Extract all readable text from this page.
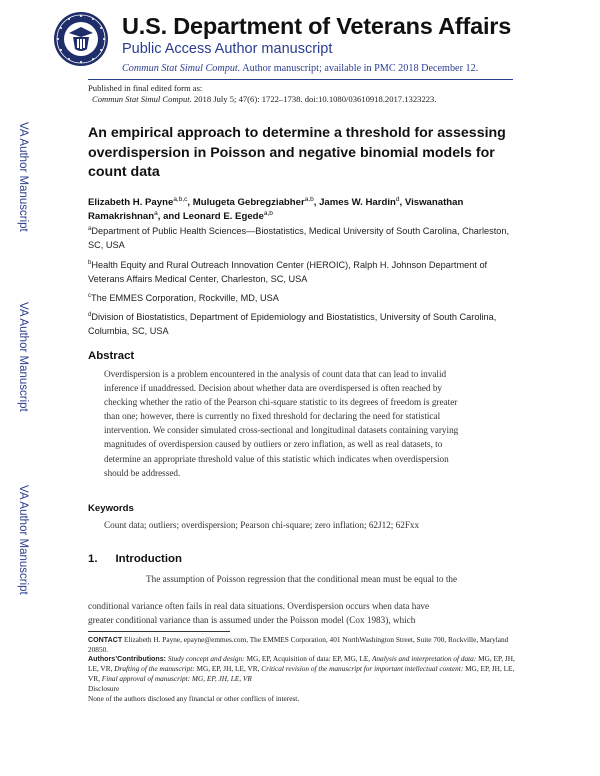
U.S. Department of Veterans Affairs
Public Access Author manuscript
Commun Stat Simul Comput. Author manuscript; available in PMC 2018 December 12.
Published in final edited form as:
Commun Stat Simul Comput. 2018 July 5; 47(6): 1722–1738. doi:10.1080/03610918.2017.1323223.
VA Author Manuscript
VA Author Manuscript
VA Author Manuscript
An empirical approach to determine a threshold for assessing overdispersion in Poisson and negative binomial models for count data
Elizabeth H. Payne$^{a,b,c}$, Mulugeta Gebregziabher$^{a,b}$, James W. Hardin$^d$, Viswanathan Ramakrishnan$^a$, and Leonard E. Egede$^{a,b}$
$^a$Department of Public Health Sciences—Biostatistics, Medical University of South Carolina, Charleston, SC, USA
$^b$Health Equity and Rural Outreach Innovation Center (HEROIC), Ralph H. Johnson Department of Veterans Affairs Medical Center, Charleston, SC, USA
$^c$The EMMES Corporation, Rockville, MD, USA
$^d$Division of Biostatistics, Department of Epidemiology and Biostatistics, University of South Carolina, Columbia, SC, USA
Abstract
Overdispersion is a problem encountered in the analysis of count data that can lead to invalid
inference if unaddressed. Decision about whether data are overdispersed is often reached by
checking whether the ratio of the Pearson chi-square statistic to its degrees of freedom is greater
than one; however, there is currently no fixed threshold for declaring the need for statistical
intervention. We consider simulated cross-sectional and longitudinal datasets containing varying
magnitudes of overdispersion caused by outliers or zero inflation, as well as real datasets, to
determine an appropriate threshold value of this statistic which indicates when overdispersion
should be addressed.
Keywords
Count data; outliers; overdispersion; Pearson chi-square; zero inflation; 62J12; 62Fxx
1. Introduction
The assumption of Poisson regression that the conditional mean must be equal to the
conditional variance often fails in real data situations. Overdispersion occurs when data have
greater conditional variance than is assumed under the Poisson model (Cox 1983), which
CONTACT Elizabeth H. Payne, epayne@emmes.com, The EMMES Corporation, 401 NorthWashington Street, Suite 700, Rockville, Maryland 20850.
Authors’Contributions: Study concept and design: MG, EP, Acquisition of data: EP, MG, LE, Analysis and interpretation of data: MG, EP, JH, LE, VR, Drafting of the manuscript: MG, EP, JH, LE, VR, Critical revision of the manuscript for important intellectual content: MG, EP, JH, LE, VR, Final approval of manuscript: MG, EP, JH, LE, VR
Disclosure
None of the authors disclosed any financial or other conflicts of interest.
